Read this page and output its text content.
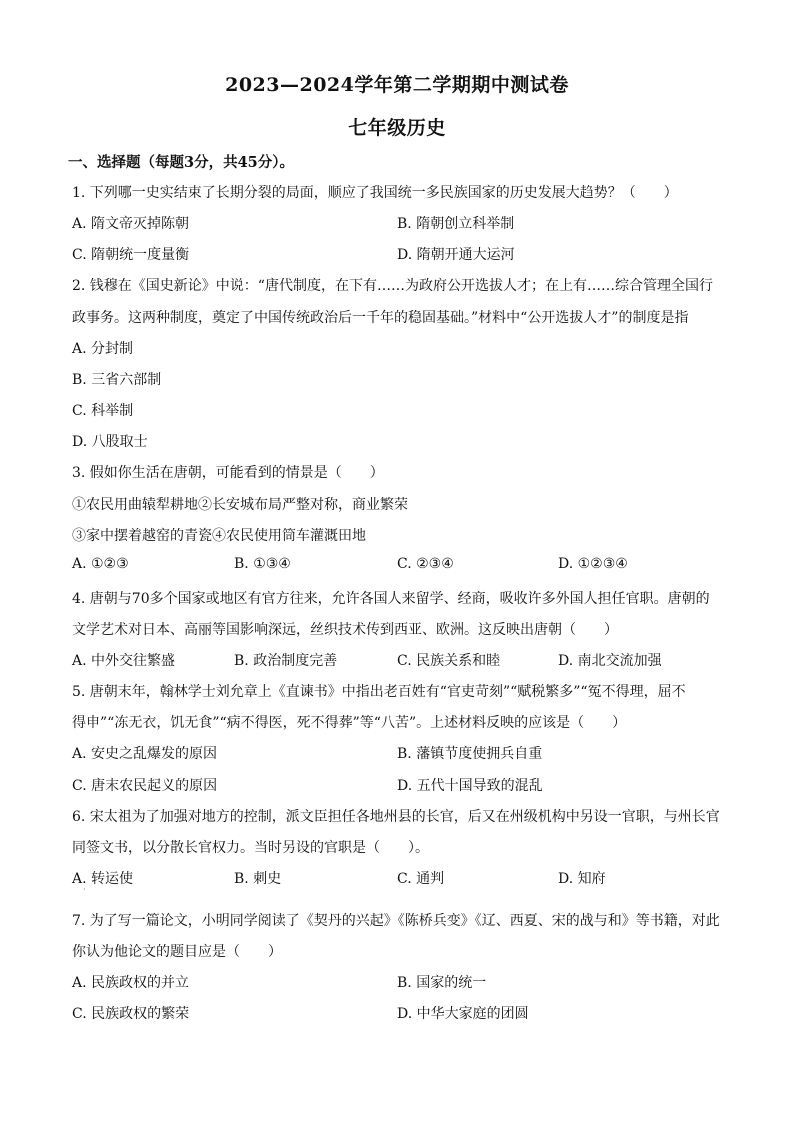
2023—2024学年第二学期期中测试卷
七年级历史
一、选择题（每题3分，共45分）。
1. 下列哪一史实结束了长期分裂的局面，顺应了我国统一多民族国家的历史发展大趋势？（　　）
A. 隋文帝灭掉陈朝	B. 隋朝创立科举制
C. 隋朝统一度量衡	D. 隋朝开通大运河
2. 钱穆在《国史新论》中说：“唐代制度，在下有……为政府公开选拔人才；在上有……综合管理全国行
政事务。这两种制度，奠定了中国传统政治后一千年的稳固基础。”材料中“公开选拔人才”的制度是指
A. 分封制
B. 三省六部制
C. 科举制
D. 八股取士
3. 假如你生活在唐朝，可能看到的情景是（　　）
①农民用曲辕犁耕地②长安城布局严整对称，商业繁荣
③家中摆着越窑的青瓷④农民使用筒车灌溉田地
A. ①②③	B. ①③④	C. ②③④	D. ①②③④
4. 唐朝与70多个国家或地区有官方往来，允许各国人来留学、经商，吸收许多外国人担任官职。唐朝的
文学艺术对日本、高丽等国影响深远，丝织技术传到西亚、欧洲。这反映出唐朝（　　）
A. 中外交往繁盛	B. 政治制度完善	C. 民族关系和睦	D. 南北交流加强
5. 唐朝末年，翰林学士刘允章上《直谏书》中指出老百姓有“官吏苛刻”“赋税繁多”“冤不得理，屈不
得申”“冻无衣，饥无食”“病不得医，死不得葬”等“八苦”。上述材料反映的应该是（　　）
A. 安史之乱爆发的原因	B. 藩镇节度使拥兵自重
C. 唐末农民起义的原因	D. 五代十国导致的混乱
6. 宋太祖为了加强对地方的控制，派文臣担任各地州县的长官，后又在州级机构中另设一官职，与州长官
同签文书，以分散长官权力。当时另设的官职是（　　）。
A. 转运使	B. 刺史	C. 通判	D. 知府
·
7. 为了写一篇论文，小明同学阅读了《契丹的兴起》《陈桥兵变》《辽、西夏、宋的战与和》等书籍，对此
你认为他论文的题目应是（　　）
A. 民族政权的并立	B. 国家的统一
C. 民族政权的繁荣	D. 中华大家庭的团圆
